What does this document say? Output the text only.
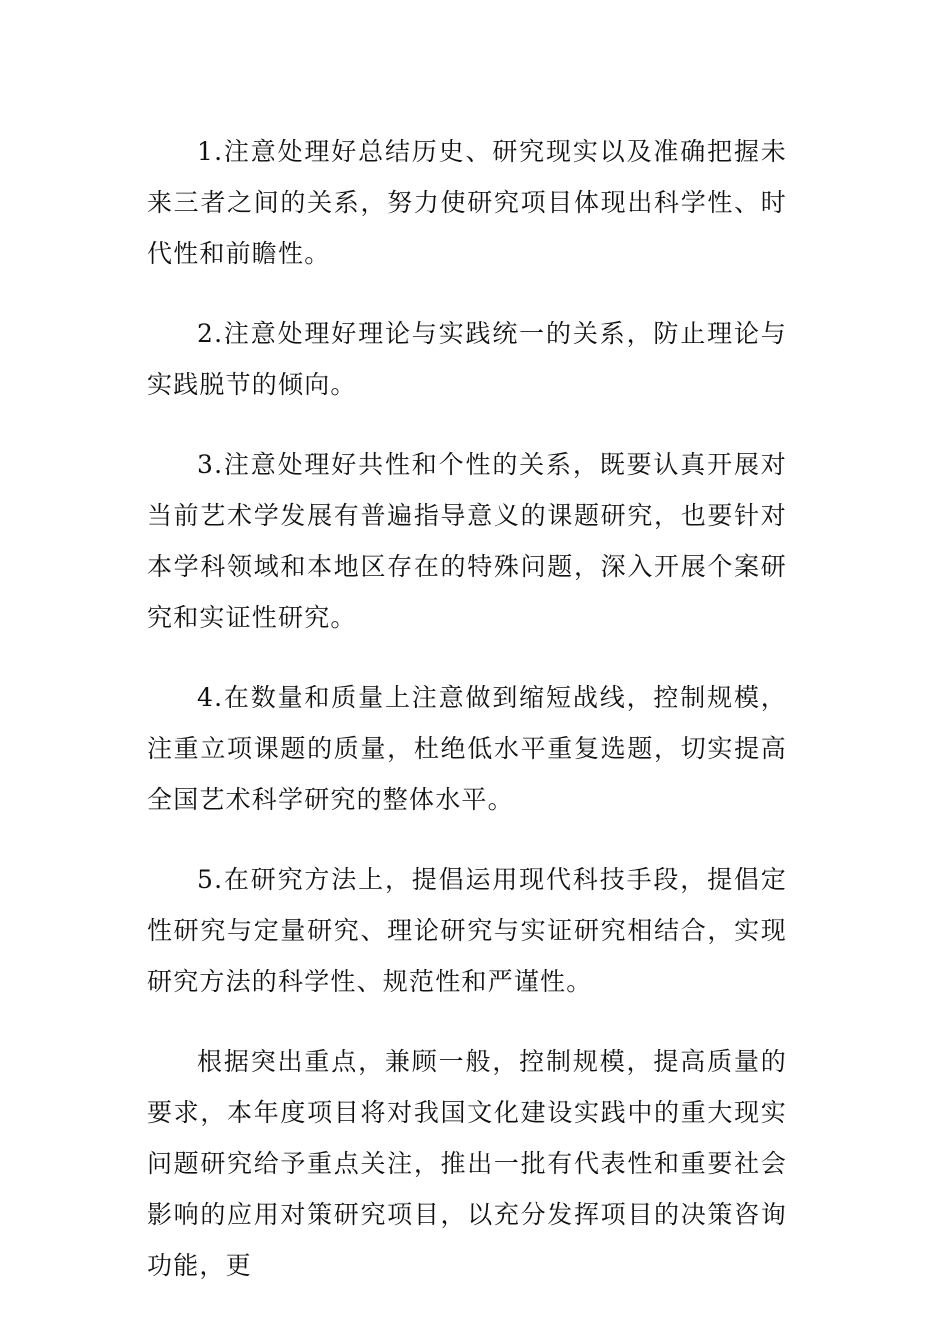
1.注意处理好总结历史、研究现实以及准确把握未来三者之间的关系，努力使研究项目体现出科学性、时代性和前瞻性。

2.注意处理好理论与实践统一的关系，防止理论与实践脱节的倾向。

3.注意处理好共性和个性的关系，既要认真开展对当前艺术学发展有普遍指导意义的课题研究，也要针对本学科领域和本地区存在的特殊问题，深入开展个案研究和实证性研究。

4.在数量和质量上注意做到缩短战线，控制规模，注重立项课题的质量，杜绝低水平重复选题，切实提高全国艺术科学研究的整体水平。

5.在研究方法上，提倡运用现代科技手段，提倡定性研究与定量研究、理论研究与实证研究相结合，实现研究方法的科学性、规范性和严谨性。

根据突出重点，兼顾一般，控制规模，提高质量的要求，本年度项目将对我国文化建设实践中的重大现实问题研究给予重点关注，推出一批有代表性和重要社会影响的应用对策研究项目，以充分发挥项目的决策咨询功能，更
